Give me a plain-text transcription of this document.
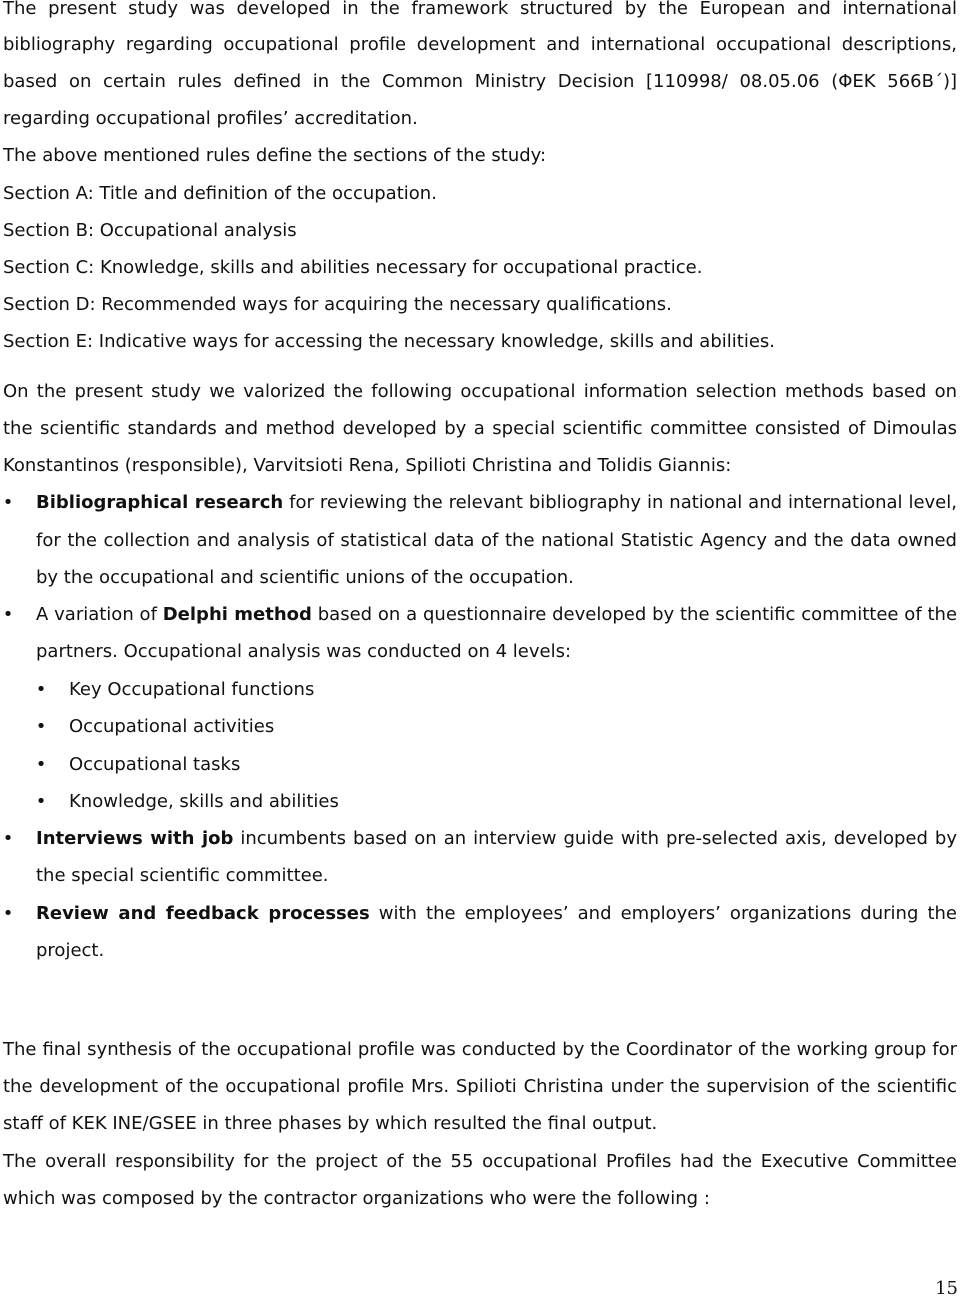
The present study was developed in the framework structured by the European and international
bibliography regarding occupational profile development and international occupational descriptions,
based on certain rules defined in the Common Ministry Decision [110998/ 08.05.06 (ΦΕΚ 566Β΄)]
regarding occupational profiles’ accreditation.
The above mentioned rules define the sections of the study:
Section A: Title and definition of the occupation.
Section B: Occupational analysis
Section C: Knowledge, skills and abilities necessary for occupational practice.
Section D: Recommended ways for acquiring the necessary qualifications.
Section E: Indicative ways for accessing the necessary knowledge, skills and abilities.
On the present study we valorized the following occupational information selection methods based on
the scientific standards and method developed by a special scientific committee consisted of Dimoulas
Konstantinos (responsible), Varvitsioti Rena, Spilioti Christina and Tolidis Giannis:
• Bibliographical research for reviewing the relevant bibliography in national and international level,
for the collection and analysis of statistical data of the national Statistic Agency and the data owned
by the occupational and scientific unions of the occupation.
• A variation of Delphi method based on a questionnaire developed by the scientific committee of the
partners. Occupational analysis was conducted on 4 levels:
• Key Occupational functions
• Occupational activities
• Occupational tasks
• Knowledge, skills and abilities
• Interviews with job incumbents based on an interview guide with pre-selected axis, developed by
the special scientific committee.
• Review and feedback processes with the employees’ and employers’ organizations during the
project.
The final synthesis of the occupational profile was conducted by the Coordinator of the working group for
the development of the occupational profile Mrs. Spilioti Christina under the supervision of the scientific
staff of KEK INE/GSEE in three phases by which resulted the final output.
The overall responsibility for the project of the 55 occupational Profiles had the Executive Committee
which was composed by the contractor organizations who were the following :
15
